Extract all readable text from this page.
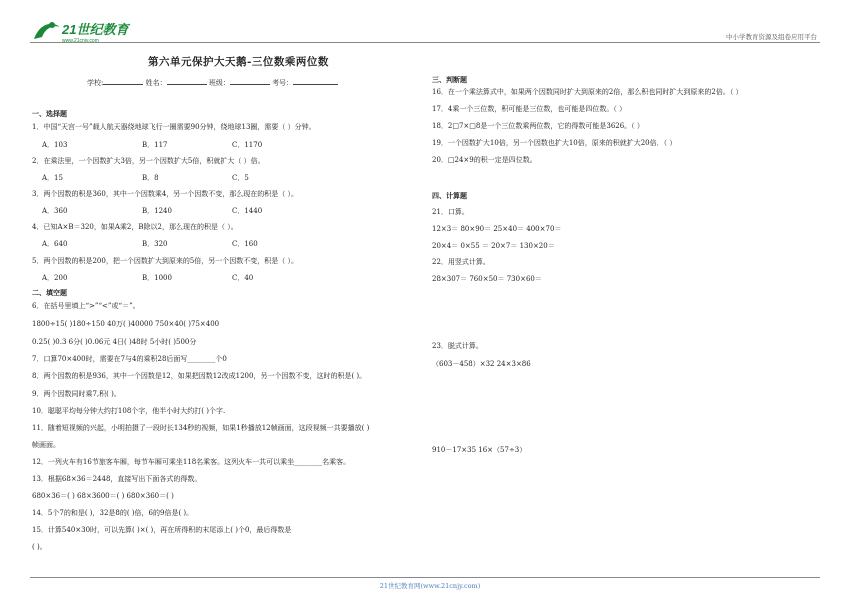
21世纪教育
www.21cnjy.com	中小学教育资源及组卷应用平台
第六单元保护大天鹅-三位数乘两位数
学校:	姓名：	班级：	考号：
一、选择题
1．中国“天宫一号”载人航天器绕地球飞行一圈需要90分钟，绕地球13圈，需要（ ）分钟。
A．103	B．117	C．1170
2．在乘法里，一个因数扩大3倍，另一个因数扩大5倍，积就扩大（ ）倍。
A．15	B．8	C．5
3．两个因数的积是360，其中一个因数乘4，另一个因数不变，那么现在的积是（ ）。
A．360	B．1240	C．1440
4．已知A×B＝320，如果A乘2，B除以2，那么现在的积是（ ）。
A．640	B．320	C．160
5．两个因数的积是200，把一个因数扩大到原来的5倍，另一个因数不变，积是（ ）。
A．200	B．1000	C．40
二、填空题
6．在括号里填上“>”“<”或“＝”。
1800÷15( )180÷150 40万( )40000 750×40( )75×400
0.25( )0.3 6分( )0.06元 4日( )48时 5小时( )500分
7．口算70×400时，需要在7与4的乘积28后面写________个0
8．两个因数的积是936，其中一个因数是12，如果把因数12改成1200，另一个因数不变，这时的积是( )。
9．两个因数同时乘7,积( )。
10．聪聪平均每分钟大约打108个字，他半小时大约打( )个字.
11．随着短视频的兴起，小明拍摄了一段时长134秒的视频，如果1秒播放12帧画面，这段视频一共要播放( )
帧画面。
12．一列火车有16节旅客车厢，每节车厢可乘坐118名乘客。这列火车一共可以乘坐________名乘客。
13．根据68×36＝2448，直接写出下面各式的得数。
680×36＝( ) 68×3600＝( ) 680×360＝( )
14．5个7的和是( )，32是8的( )倍，6的9倍是( )。
15．计算540×30时，可以先算( )×( )，再在所得积的末尾添上( )个0，最后得数是
( )。
三、判断题
16．在一个乘法算式中，如果两个因数同时扩大到原来的2倍，那么积也同时扩大到原来的2倍。（ ）
17．4乘一个三位数，积可能是三位数，也可能是四位数。（ ）
18．2□7×□8是一个三位数乘两位数，它的得数可能是3626。（ ）
19．一个因数扩大10倍，另一个因数也扩大10倍，原来的积就扩大20倍．（ ）
20．□24×9的积一定是四位数。
四、计算题
21．口算。
12×3＝ 80×90＝ 25×40＝ 400×70＝
20×4＝ 0×55 ＝ 20×7＝ 130×20＝
22．用竖式计算。
28×307＝ 760×50＝ 730×60＝
23．脱式计算。
（603－458）×32 24×3×86
910－17×35 16×（57÷3）
21世纪教育网(www.21cnjy.com)
